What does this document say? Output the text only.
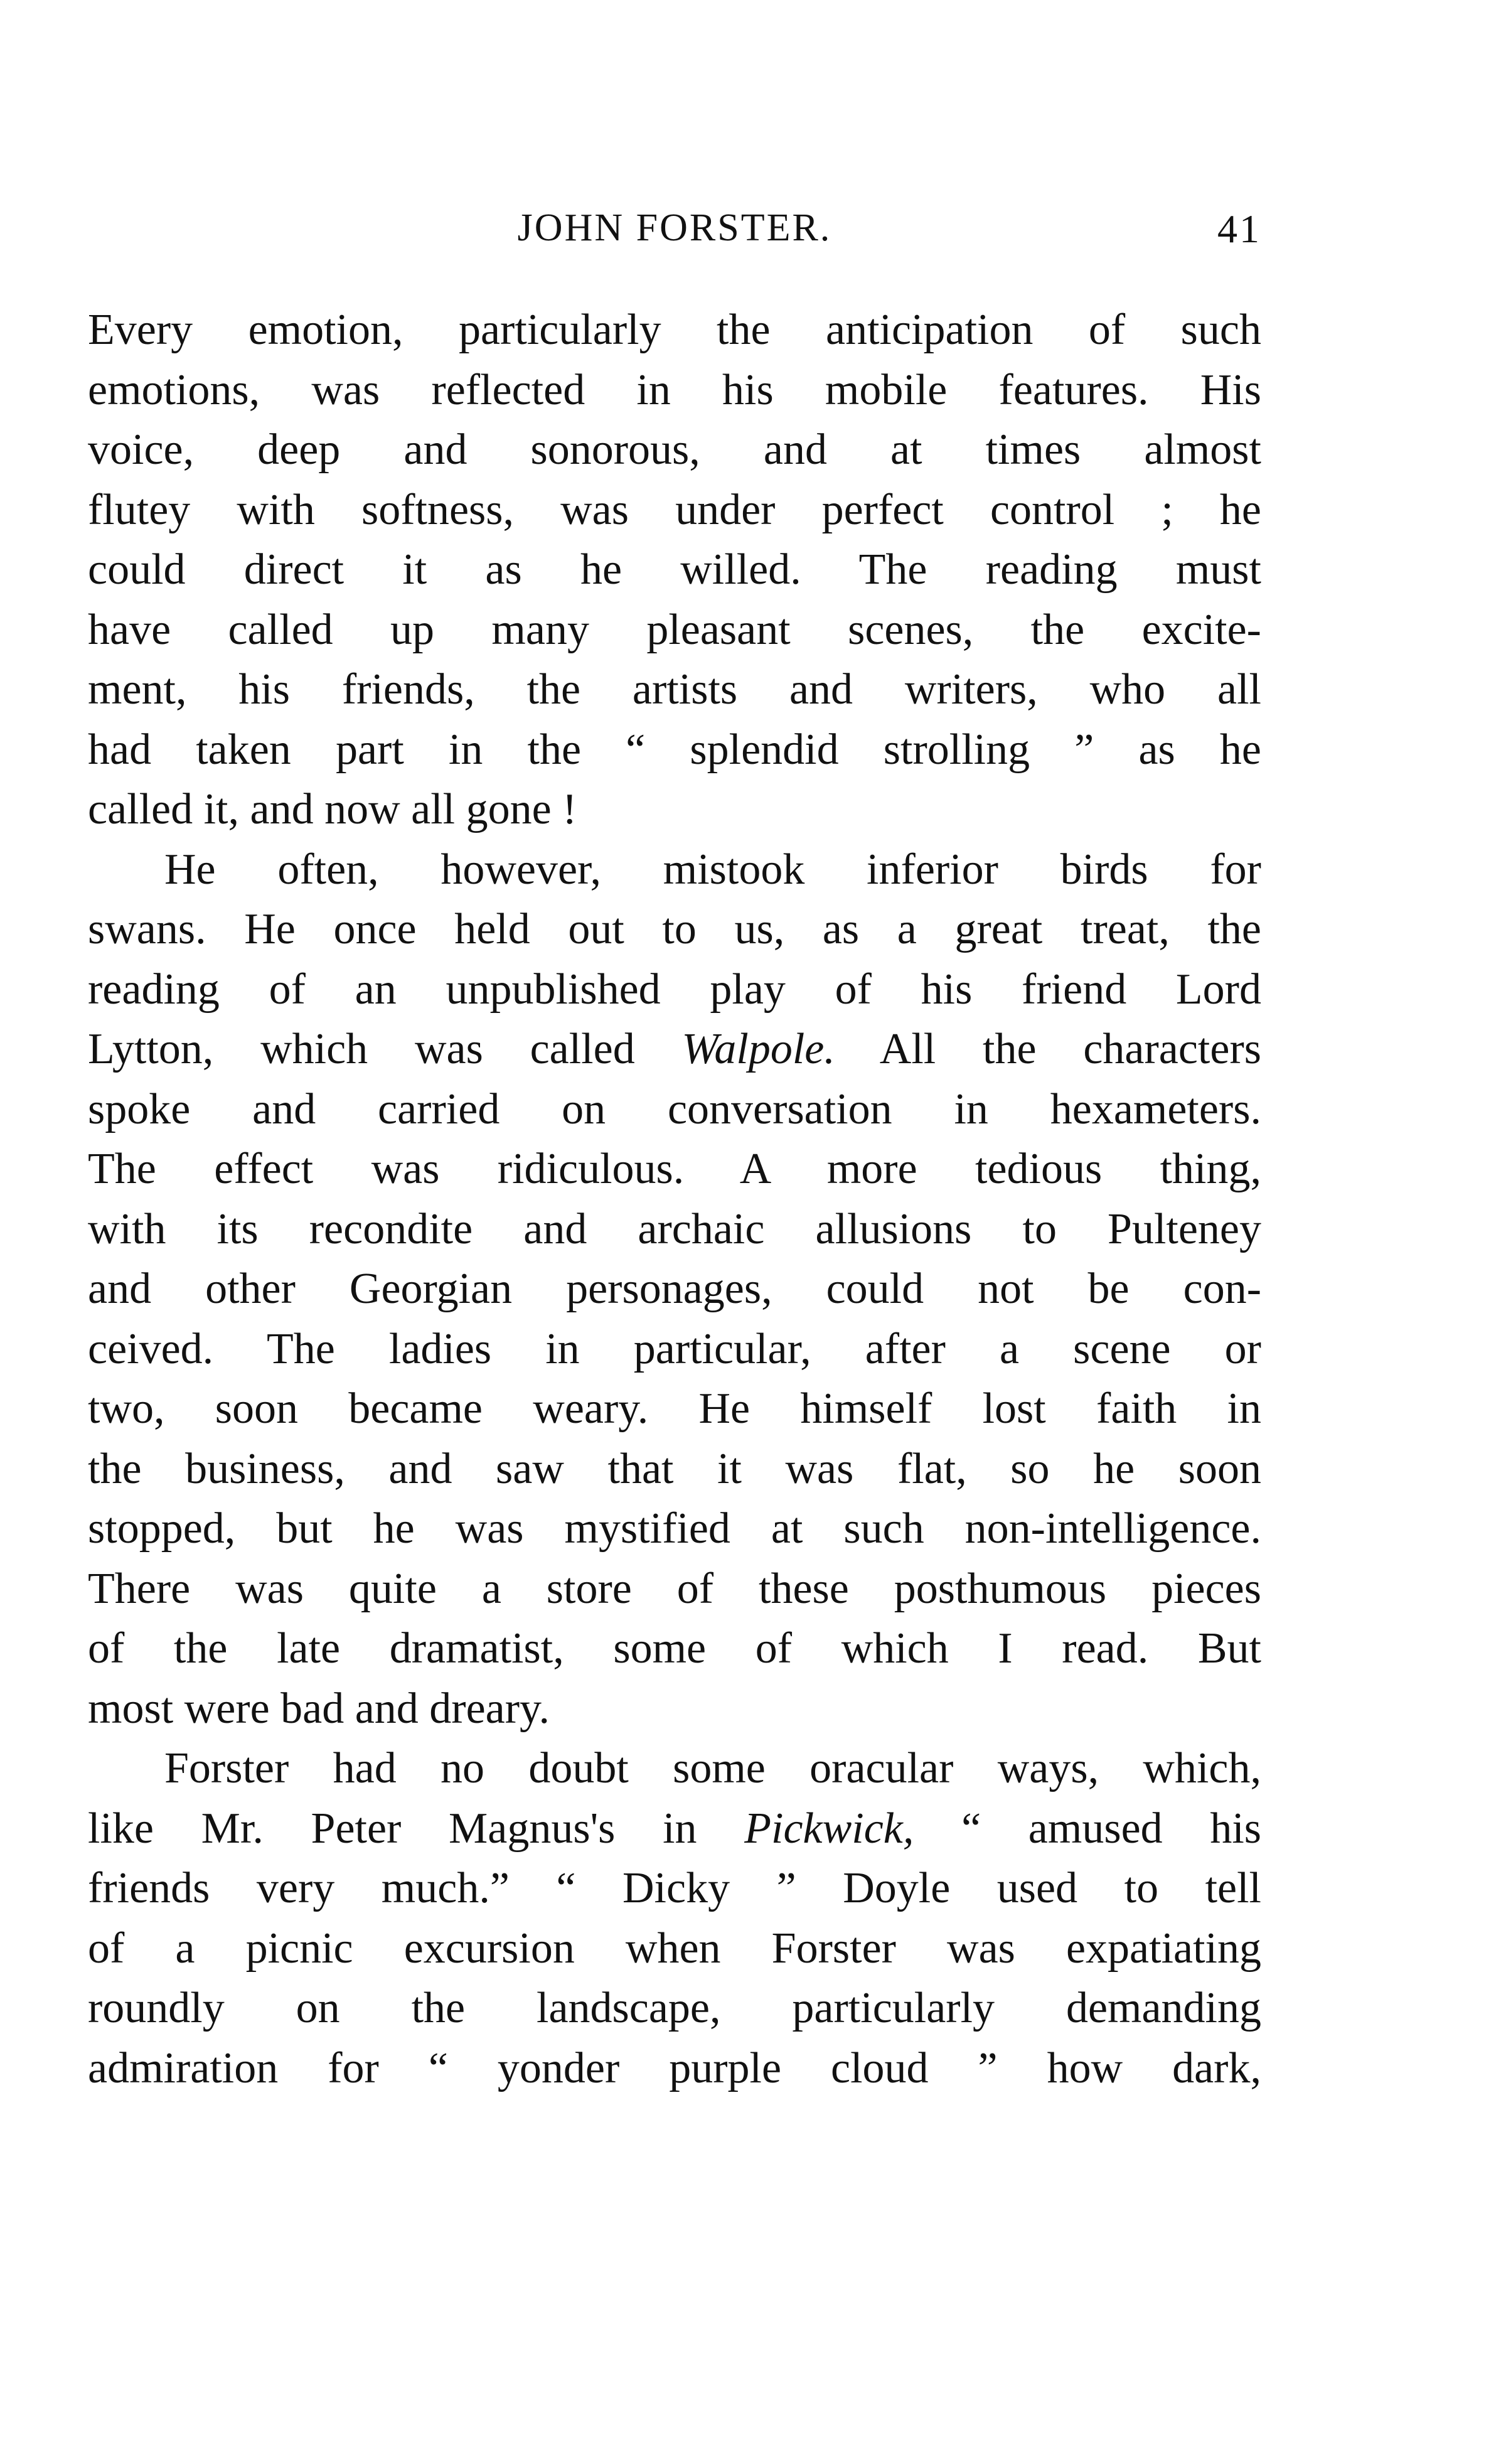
JOHN FORSTER.	41
Every emotion, particularly the anticipation of such
emotions, was reflected in his mobile features. His
voice, deep and sonorous, and at times almost
flutey with softness, was under perfect control ; he
could direct it as he willed. The reading must
have called up many pleasant scenes, the excite-
ment, his friends, the artists and writers, who all
had taken part in the “ splendid strolling ” as he
called it, and now all gone !
He often, however, mistook inferior birds for
swans. He once held out to us, as a great treat, the
reading of an unpublished play of his friend Lord
Lytton, which was called Walpole. All the characters
spoke and carried on conversation in hexameters.
The effect was ridiculous. A more tedious thing,
with its recondite and archaic allusions to Pulteney
and other Georgian personages, could not be con-
ceived. The ladies in particular, after a scene or
two, soon became weary. He himself lost faith in
the business, and saw that it was flat, so he soon
stopped, but he was mystified at such non-intelligence.
There was quite a store of these posthumous pieces
of the late dramatist, some of which I read. But
most were bad and dreary.
Forster had no doubt some oracular ways, which,
like Mr. Peter Magnus's in Pickwick, “ amused his
friends very much.” “ Dicky ” Doyle used to tell
of a picnic excursion when Forster was expatiating
roundly on the landscape, particularly demanding
admiration for “ yonder purple cloud ” how dark,
